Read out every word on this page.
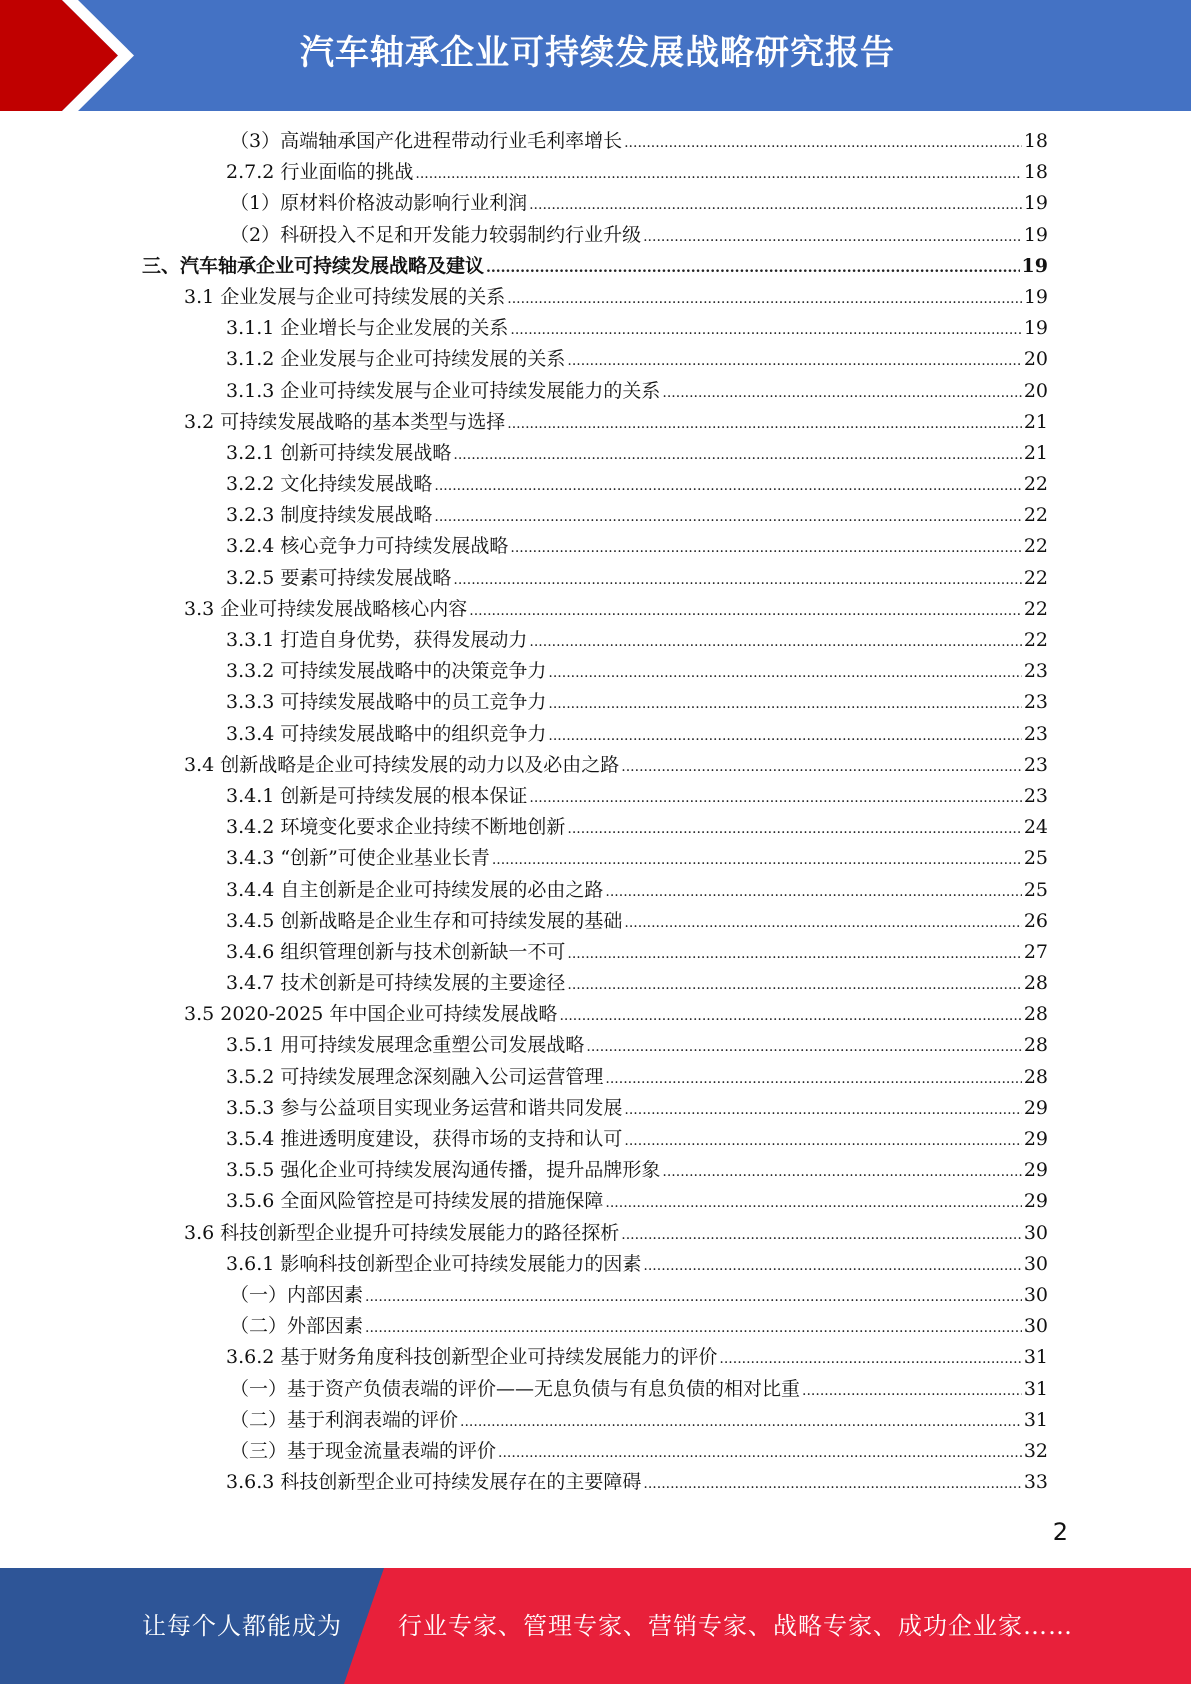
汽车轴承企业可持续发展战略研究报告
（3）高端轴承国产化进程带动行业毛利率增长 .....	18
2.7.2 行业面临的挑战 .....	18
（1）原材料价格波动影响行业利润 .....	19
（2）科研投入不足和开发能力较弱制约行业升级 .....	19
三、汽车轴承企业可持续发展战略及建议 .....	19
3.1 企业发展与企业可持续发展的关系 .....	19
3.1.1 企业增长与企业发展的关系 .....	19
3.1.2 企业发展与企业可持续发展的关系 .....	20
3.1.3 企业可持续发展与企业可持续发展能力的关系 .....	20
3.2 可持续发展战略的基本类型与选择 .....	21
3.2.1 创新可持续发展战略 .....	21
3.2.2 文化持续发展战略 .....	22
3.2.3 制度持续发展战略 .....	22
3.2.4 核心竞争力可持续发展战略 .....	22
3.2.5 要素可持续发展战略 .....	22
3.3 企业可持续发展战略核心内容 .....	22
3.3.1 打造自身优势，获得发展动力 .....	22
3.3.2 可持续发展战略中的决策竞争力 .....	23
3.3.3 可持续发展战略中的员工竞争力 .....	23
3.3.4 可持续发展战略中的组织竞争力 .....	23
3.4 创新战略是企业可持续发展的动力以及必由之路 .....	23
3.4.1 创新是可持续发展的根本保证 .....	23
3.4.2 环境变化要求企业持续不断地创新 .....	24
3.4.3 “创新”可使企业基业长青 .....	25
3.4.4 自主创新是企业可持续发展的必由之路 .....	25
3.4.5 创新战略是企业生存和可持续发展的基础 .....	26
3.4.6 组织管理创新与技术创新缺一不可 .....	27
3.4.7 技术创新是可持续发展的主要途径 .....	28
3.5 2020-2025 年中国企业可持续发展战略 .....	28
3.5.1 用可持续发展理念重塑公司发展战略 .....	28
3.5.2 可持续发展理念深刻融入公司运营管理 .....	28
3.5.3 参与公益项目实现业务运营和谐共同发展 .....	29
3.5.4 推进透明度建设，获得市场的支持和认可 .....	29
3.5.5 强化企业可持续发展沟通传播，提升品牌形象 .....	29
3.5.6 全面风险管控是可持续发展的措施保障 .....	29
3.6 科技创新型企业提升可持续发展能力的路径探析 .....	30
3.6.1 影响科技创新型企业可持续发展能力的因素 .....	30
（一）内部因素 .....	30
（二）外部因素 .....	30
3.6.2 基于财务角度科技创新型企业可持续发展能力的评价 .....	31
（一）基于资产负债表端的评价——无息负债与有息负债的相对比重 .....	31
（二）基于利润表端的评价 .....	31
（三）基于现金流量表端的评价 .....	32
3.6.3 科技创新型企业可持续发展存在的主要障碍 .....	33
2
让每个人都能成为 行业专家、管理专家、营销专家、战略专家、成功企业家……
